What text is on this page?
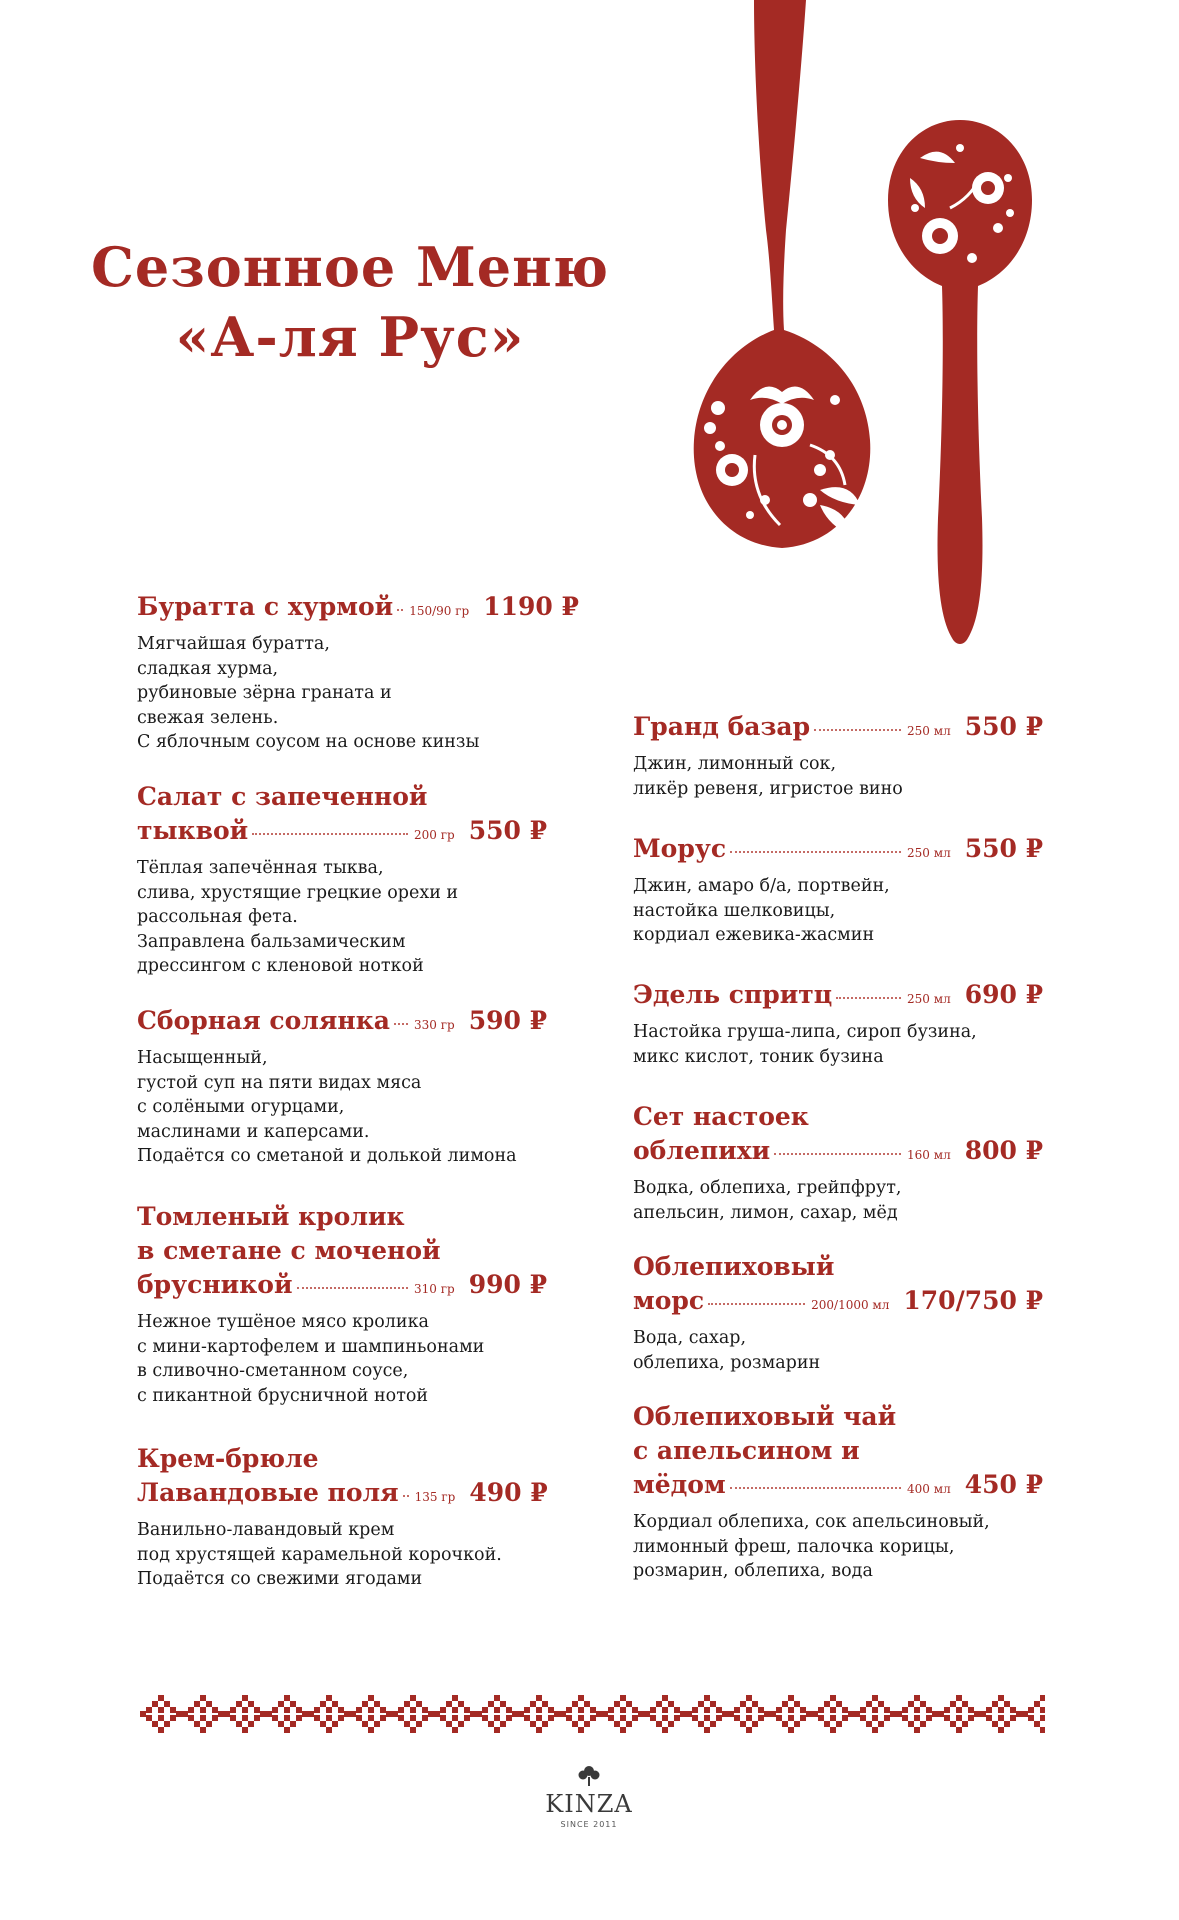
Сезонное Меню
«А-ля Рус»
Буратта с хурмой 150/90 гр 1190 ₽
Мягчайшая буратта,
сладкая хурма,
рубиновые зёрна граната и
свежая зелень.
С яблочным соусом на основе кинзы
Салат с запеченной
тыквой	200 гр 550 ₽
Тёплая запечённая тыква,
слива, хрустящие грецкие орехи и
рассольная фета.
Заправлена бальзамическим
дрессингом с кленовой ноткой
Сборная солянка 330 гр 590 ₽
Насыщенный,
густой суп на пяти видах мяса
с солёными огурцами,
маслинами и каперсами.
Подаётся со сметаной и долькой лимона
Томленый кролик
в сметане с моченой
брусникой	310 гр 990 ₽
Нежное тушёное мясо кролика
с мини-картофелем и шампиньонами
в сливочно-сметанном соусе,
с пикантной брусничной нотой
Крем-брюле
Лавандовые поля 135 гр 490 ₽
Ванильно-лавандовый крем
под хрустящей карамельной корочкой.
Подаётся со свежими ягодами
Гранд базар	250 мл 550 ₽
Джин, лимонный сок,
ликёр ревеня, игристое вино
Морус	250 мл 550 ₽
Джин, амаро б/а, портвейн,
настойка шелковицы,
кордиал ежевика-жасмин
Эдель спритц	250 мл 690 ₽
Настойка груша-липа, сироп бузина,
микс кислот, тоник бузина
Сет настоек
облепихи	160 мл 800 ₽
Водка, облепиха, грейпфрут,
апельсин, лимон, сахар, мёд
Облепиховый
морс	200/1000 мл 170/750 ₽
Вода, сахар,
облепиха, розмарин
Облепиховый чай
с апельсином и
мёдом	400 мл 450 ₽
Кордиал облепиха, сок апельсиновый,
лимонный фреш, палочка корицы,
розмарин, облепиха, вода
KINZA
SINCE 2011
